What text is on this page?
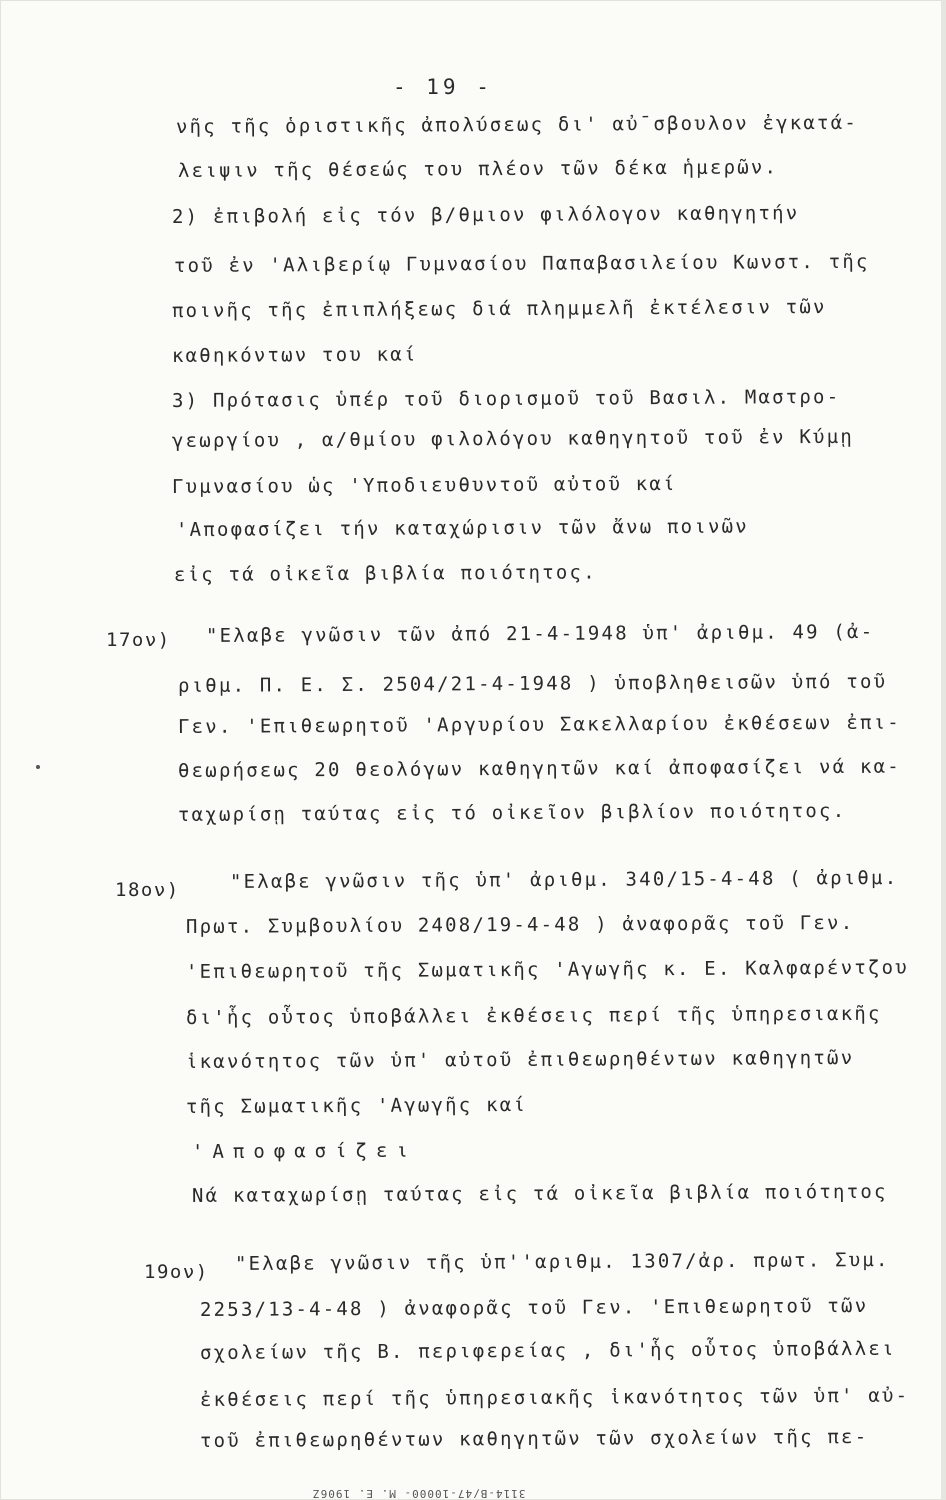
- 19 -
νῆς τῆς ὁριστικῆς ἀπολύσεως δι' αὐ¯σβουλον ἐγκατά-
λειψιν τῆς θέσεώς του πλέον τῶν δέκα ἡμερῶν.
2) ἐπιβολή εἰς τόν β/θμιον φιλόλογον καθηγητήν
τοῦ ἐν 'Αλιβερίῳ Γυμνασίου Παπαβασιλείου Κωνστ. τῆς
ποινῆς τῆς ἐπιπλήξεως διά πλημμελῆ ἐκτέλεσιν τῶν
καθηκόντων του καί
3) Πρότασις ὑπέρ τοῦ διορισμοῦ τοῦ Βασιλ. Μαστρο-
γεωργίου , α/θμίου φιλολόγου καθηγητοῦ τοῦ ἐν Κύμῃ
Γυμνασίου ὡς 'Υποδιευθυντοῦ αὐτοῦ καί
'Αποφασίζει τήν καταχώρισιν τῶν ἄνω ποινῶν
εἰς τά οἰκεῖα βιβλία ποιότητος.
17ον) "Ελαβε γνῶσιν τῶν ἀπό 21-4-1948 ὑπ' ἀριθμ. 49 (ἀ-
ριθμ. Π. Ε. Σ. 2504/21-4-1948 ) ὑποβληθεισῶν ὑπό τοῦ
Γεν. 'Επιθεωρητοῦ 'Αργυρίου Σακελλαρίου ἐκθέσεων ἐπι-
θεωρήσεως 20 θεολόγων καθηγητῶν καί ἀποφασίζει νά κα-
ταχωρίσῃ ταύτας εἰς τό οἰκεῖον βιβλίον ποιότητος.
18ον)	"Ελαβε γνῶσιν τῆς ὑπ' ἀριθμ. 340/15-4-48 ( ἀριθμ.
Πρωτ. Συμβουλίου 2408/19-4-48 ) ἀναφορᾶς τοῦ Γεν.
'Επιθεωρητοῦ τῆς Σωματικῆς 'Αγωγῆς κ. Ε. Καλφαρέντζου
δι'ἧς οὗτος ὑποβάλλει ἐκθέσεις περί τῆς ὑπηρεσιακῆς
ἱκανότητος τῶν ὑπ' αὐτοῦ ἐπιθεωρηθέντων καθηγητῶν
τῆς Σωματικῆς 'Αγωγῆς καί
'Αποφασίζει
Νά καταχωρίσῃ ταύτας εἰς τά οἰκεῖα βιβλία ποιότητος
19ον) "Ελαβε γνῶσιν τῆς ὑπ''αριθμ. 1307/ἀρ. πρωτ. Συμ.
2253/13-4-48 ) ἀναφορᾶς τοῦ Γεν. 'Επιθεωρητοῦ τῶν
σχολείων τῆς Β. περιφερείας , δι'ἧς οὗτος ὑποβάλλει
ἐκθέσεις περί τῆς ὑπηρεσιακῆς ἱκανότητος τῶν ὑπ' αὐ-
τοῦ ἐπιθεωρηθέντων καθηγητῶν τῶν σχολείων τῆς πε-
3114-Β/47-10000- Μ. Ε. 1906Ζ
